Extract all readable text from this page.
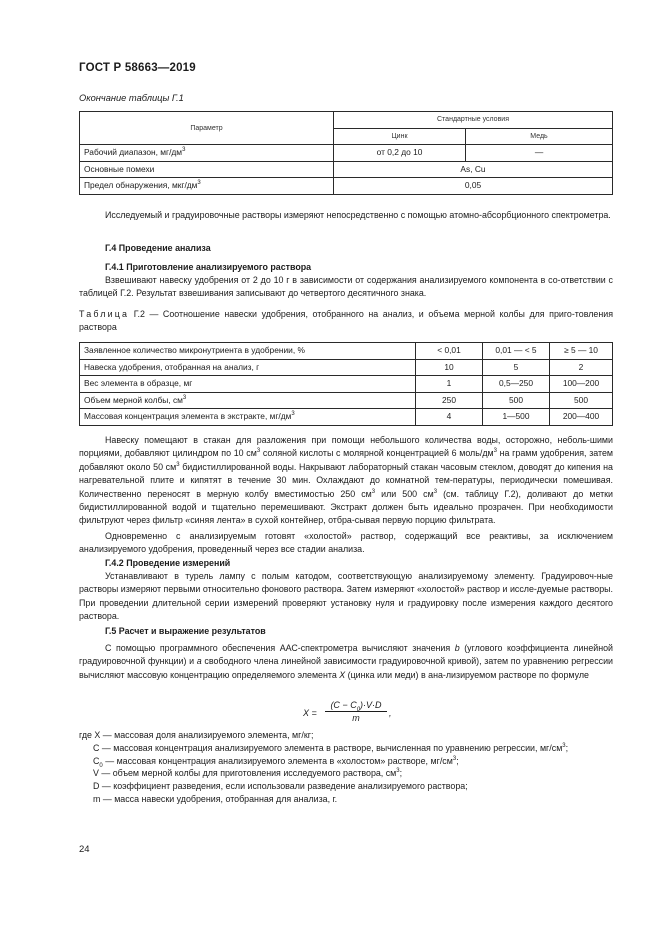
ГОСТ Р 58663—2019
Окончание таблицы Г.1
Параметр	Стандартные условия	
	Цинк	Медь
Рабочий диапазон, $мг/дм^3$	от 0,2 до 10	—
Основные помехи	As, Cu	
Предел обнаружения, мкг/$дм^3$	0,05	
Исследуемый и градуировочные растворы измеряют непосредственно с помощью атомно-абсорбционного спектрометра.
Г.4 Проведение анализа
Г.4.1 Приготовление анализируемого раствора
Взвешивают навеску удобрения от 2 до 10 г в зависимости от содержания анализируемого компонента в со-ответствии с таблицей Г.2. Результат взвешивания записывают до четвертого десятичного знака.
Таблица Г.2 — Соотношение навески удобрения, отобранного на анализ, и объема мерной колбы для приго-товления раствора
Заявленное количество микронутриента в удобрении, %	< 0,01	0,01 — < 5	≥ 5 — 10
Навеска удобрения, отобранная на анализ, г	10	5	2
Вес элемента в образце, мг	1	0,5—250	100—200
Объем мерной колбы, $см^3$	250	500	500
Массовая концентрация элемента в экстракте, $мг/дм^3$	4	1—500	200—400
Навеску помещают в стакан для разложения при помощи небольшого количества воды, осторожно, неболь-шими порциями, добавляют цилиндром по 10 $см^3$ соляной кислоты с молярной концентрацией 6 моль/$дм^3$ на грамм удобрения, затем добавляют около 50 $см^3$ бидистиллированной воды. Накрывают лабораторный стакан часовым стеклом, доводят до кипения на нагревательной плите и кипятят в течение 30 мин. Охлаждают до комнатной тем-пературы, периодически помешивая. Количественно переносят в мерную колбу вместимостью 250 $см^3$ или 500 $см^3$ (см. таблицу Г.2), доливают до метки бидистиллированной водой и тщательно перемешивают. Экстракт должен быть идеально прозрачен. При необходимости фильтруют через фильтр «синяя лента» в сухой контейнер, отбра-сывая первую порцию фильтрата.
Одновременно с анализируемым готовят «холостой» раствор, содержащий все реактивы, за исключением анализируемого удобрения, проведенный через все стадии анализа.
Г.4.2 Проведение измерений
Устанавливают в турель лампу с полым катодом, соответствующую анализируемому элементу. Градуировоч-ные растворы измеряют первыми относительно фонового раствора. Затем измеряют «холостой» раствор и иссле-дуемые растворы. При проведении длительной серии измерений проверяют установку нуля и градуировку после измерения каждого десятого раствора.
Г.5 Расчет и выражение результатов
С помощью программного обеспечения ААС-спектрометра вычисляют значения b (углового коэффициента линейной градуировочной функции) и a свободного члена линейной зависимости градуировочной кривой), затем по уравнению регрессии вычисляют массовую концентрацию определяемого элемента X (цинка или меди) в ана-лизируемом растворе по формуле
$X = \frac{(C - C_0)\cdot V\cdot D}{m}$ ,
где X — массовая доля анализируемого элемента, мг/кг;
C — массовая концентрация анализируемого элемента в растворе, вычисленная по уравнению регрессии, $мг/см^3$;
$C_0$ — массовая концентрация анализируемого элемента в «холостом» растворе, $мг/см^3$;
V — объем мерной колбы для приготовления исследуемого раствора, $см^3$;
D — коэффициент разведения, если использовали разведение анализируемого раствора;
m — масса навески удобрения, отобранная для анализа, г.
24
